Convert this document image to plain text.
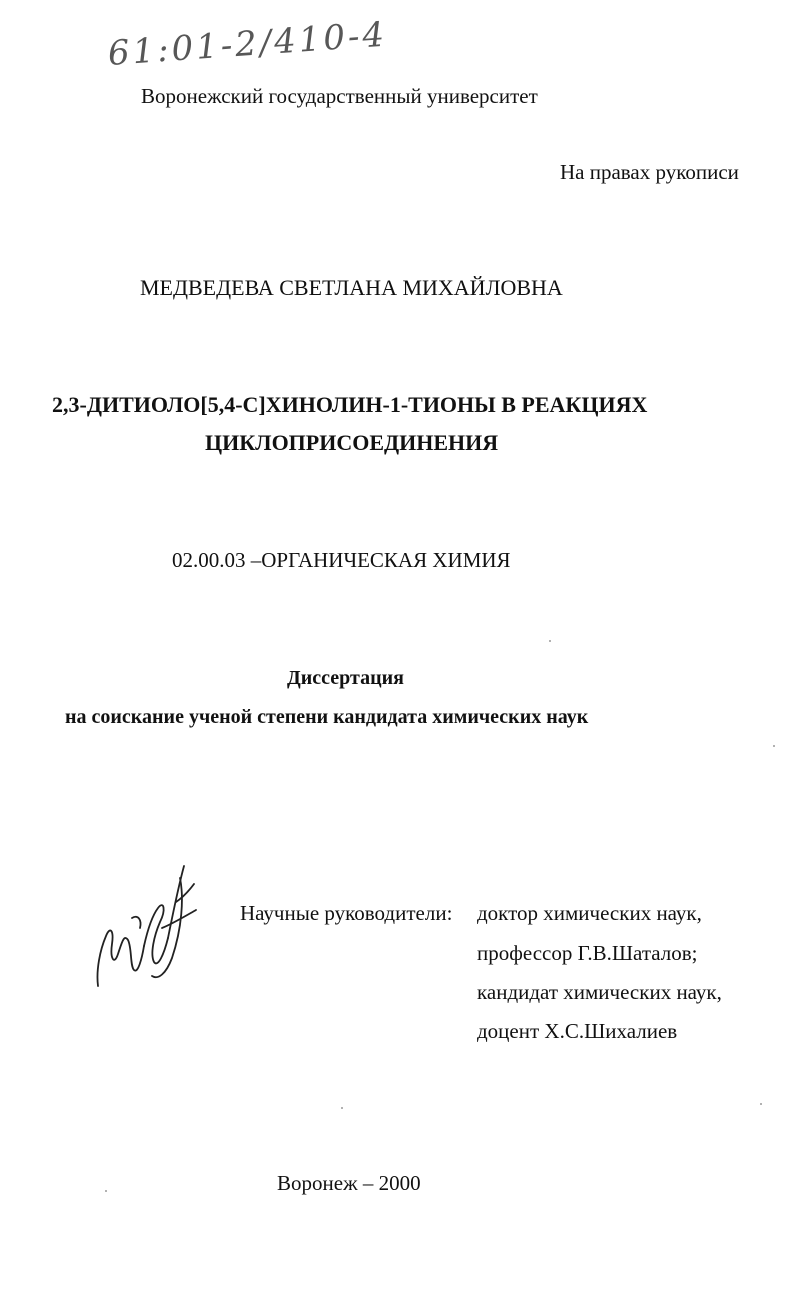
61:01-2/410-4
Воронежский государственный университет
На правах рукописи
МЕДВЕДЕВА СВЕТЛАНА МИХАЙЛОВНА
2,3-ДИТИОЛО[5,4-С]ХИНОЛИН-1-ТИОНЫ В РЕАКЦИЯХ
ЦИКЛОПРИСОЕДИНЕНИЯ
02.00.03 –ОРГАНИЧЕСКАЯ ХИМИЯ
Диссертация
на соискание ученой степени кандидата химических наук
Научные руководители: доктор химических наук,
профессор Г.В.Шаталов;
кандидат химических наук,
доцент Х.С.Шихалиев
Воронеж – 2000
